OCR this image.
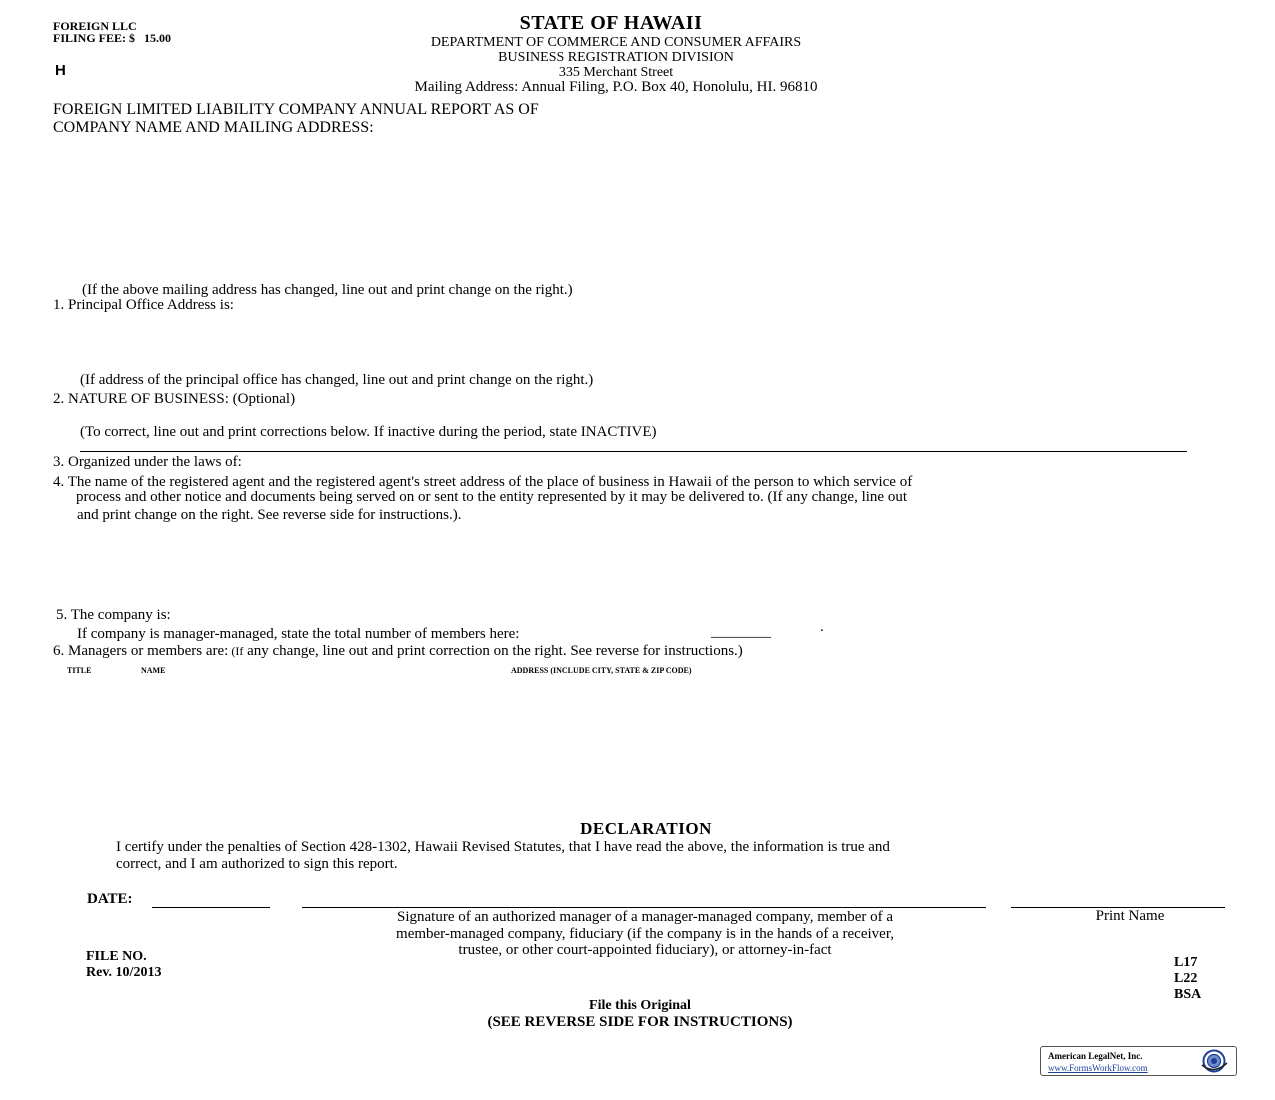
FOREIGN LLC
FILING FEE: $   15.00
H
STATE OF HAWAII
DEPARTMENT OF COMMERCE AND CONSUMER AFFAIRS
BUSINESS REGISTRATION DIVISION
335 Merchant Street
Mailing Address: Annual Filing, P.O. Box 40, Honolulu, HI. 96810
FOREIGN LIMITED LIABILITY COMPANY ANNUAL REPORT AS OF
COMPANY NAME AND MAILING ADDRESS:
(If the above mailing address has changed, line out and print change on the right.)
1. Principal Office Address is:
(If address of the principal office has changed, line out and print change on the right.)
2. NATURE OF BUSINESS: (Optional)
(To correct, line out and print corrections below. If inactive during the period, state INACTIVE)
3. Organized under the laws of:
4. The name of the registered agent and the registered agent's street address of the place of business in Hawaii of the person to which service of
process and other notice and documents being served on or sent to the entity represented by it may be delivered to. (If any change, line out
and print change on the right. See reverse side for instructions.).
5. The company is:
If company is manager-managed, state the total number of members here:	________	.
6. Managers or members are: (If any change, line out and print correction on the right. See reverse for instructions.)
TITLE	NAME	ADDRESS (INCLUDE CITY, STATE & ZIP CODE)
DECLARATION
I certify under the penalties of Section 428-1302, Hawaii Revised Statutes, that I have read the above, the information is true and
correct, and I am authorized to sign this report.
DATE:
Signature of an authorized manager of a manager-managed company, member of a
member-managed company, fiduciary (if the company is in the hands of a receiver,
trustee, or other court-appointed fiduciary), or attorney-in-fact
Print Name
FILE NO.
Rev. 10/2013
L17
L22
BSA
File this Original
(SEE REVERSE SIDE FOR INSTRUCTIONS)
American LegalNet, Inc.
www.FormsWorkFlow.com
